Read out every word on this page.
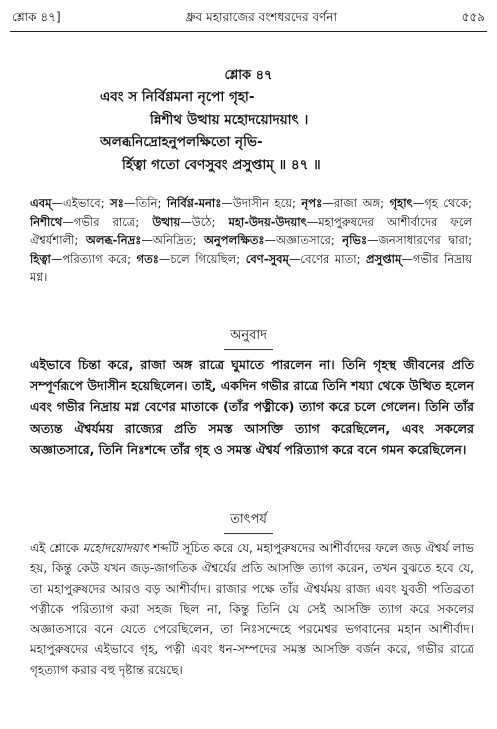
শ্লোক ৪৭]	ধ্রুব মহারাজের বংশধরদের বর্ণনা	৫৫৯
শ্লোক ৪৭
এবং স নির্বিণ্ণমনা নৃপো গৃহা-
ন্নিশীথ উত্থায় মহোদয়োদয়াৎ ।
অলব্ধনিদ্রোহনুপলক্ষিতো নৃভি-
র্হিত্বা গতো বেণসুবং প্রসুপ্তাম্ ॥ ৪৭ ॥
এবম্—এইভাবে; সঃ—তিনি; নির্বিণ্ণ-মনাঃ—উদাসীন হয়ে; নৃপঃ—রাজা অঙ্গ; গৃহাৎ—গৃহ থেকে; নিশীথে—গভীর রাত্রে; উত্থায়—উঠে; মহা-উদয়-উদয়াৎ—মহাপুরুষদের আশীর্বাদের ফলে ঐশ্বর্যশালী; অলব্ধ-নিদ্রঃ—অনিদ্রিত; অনুপলক্ষিতঃ—অজ্ঞাতসারে; নৃভিঃ—জনসাধারণের দ্বারা; হিত্বা—পরিত্যাগ করে; গতঃ—চলে গিয়েছিল; বেণ-সুবম্—বেণের মাতা; প্রসুপ্তাম্—গভীর নিদ্রায় মগ্ন।
অনুবাদ
এইভাবে চিন্তা করে, রাজা অঙ্গ রাত্রে ঘুমাতে পারলেন না। তিনি গৃহস্থ জীবনের প্রতি সম্পূর্ণরূপে উদাসীন হয়েছিলেন। তাই, একদিন গভীর রাত্রে তিনি শয্যা থেকে উত্থিত হলেন এবং গভীর নিদ্রায় মগ্ন বেণের মাতাকে (তাঁর পত্নীকে) ত্যাগ করে চলে গেলেন। তিনি তাঁর অত্যন্ত ঐশ্বর্যময় রাজ্যের প্রতি সমস্ত আসক্তি ত্যাগ করেছিলেন, এবং সকলের অজ্ঞাতসারে, তিনি নিঃশব্দে তাঁর গৃহ ও সমস্ত ঐশ্বর্য পরিত্যাগ করে বনে গমন করেছিলেন।
তাৎপর্য
এই শ্লোকে মহোদয়োদয়াৎ শব্দটি সূচিত করে যে, মহাপুরুষদের আশীর্বাদের ফলে জড় ঐশ্বর্য লাভ হয়, কিন্তু কেউ যখন জড়-জাগতিক ঐশ্বর্যের প্রতি আসক্তি ত্যাগ করেন, তখন বুঝতে হবে যে, তা মহাপুরুষদের আরও বড় আশীর্বাদ। রাজার পক্ষে তাঁর ঐশ্বর্যময় রাজ্য এবং যুবতী পতিব্রতা পত্নীকে পরিত্যাগ করা সহজ ছিল না, কিন্তু তিনি যে সেই আসক্তি ত্যাগ করে সকলের অজ্ঞাতসারে বনে যেতে পেরেছিলেন, তা নিঃসন্দেহে পরমেশ্বর ভগবানের মহান আশীর্বাদ। মহাপুরুষদের এইভাবে গৃহ, পত্নী এবং ধন-সম্পদের সমস্ত আসক্তি বর্জন করে, গভীর রাত্রে গৃহত্যাগ করার বহু দৃষ্টান্ত রয়েছে।
